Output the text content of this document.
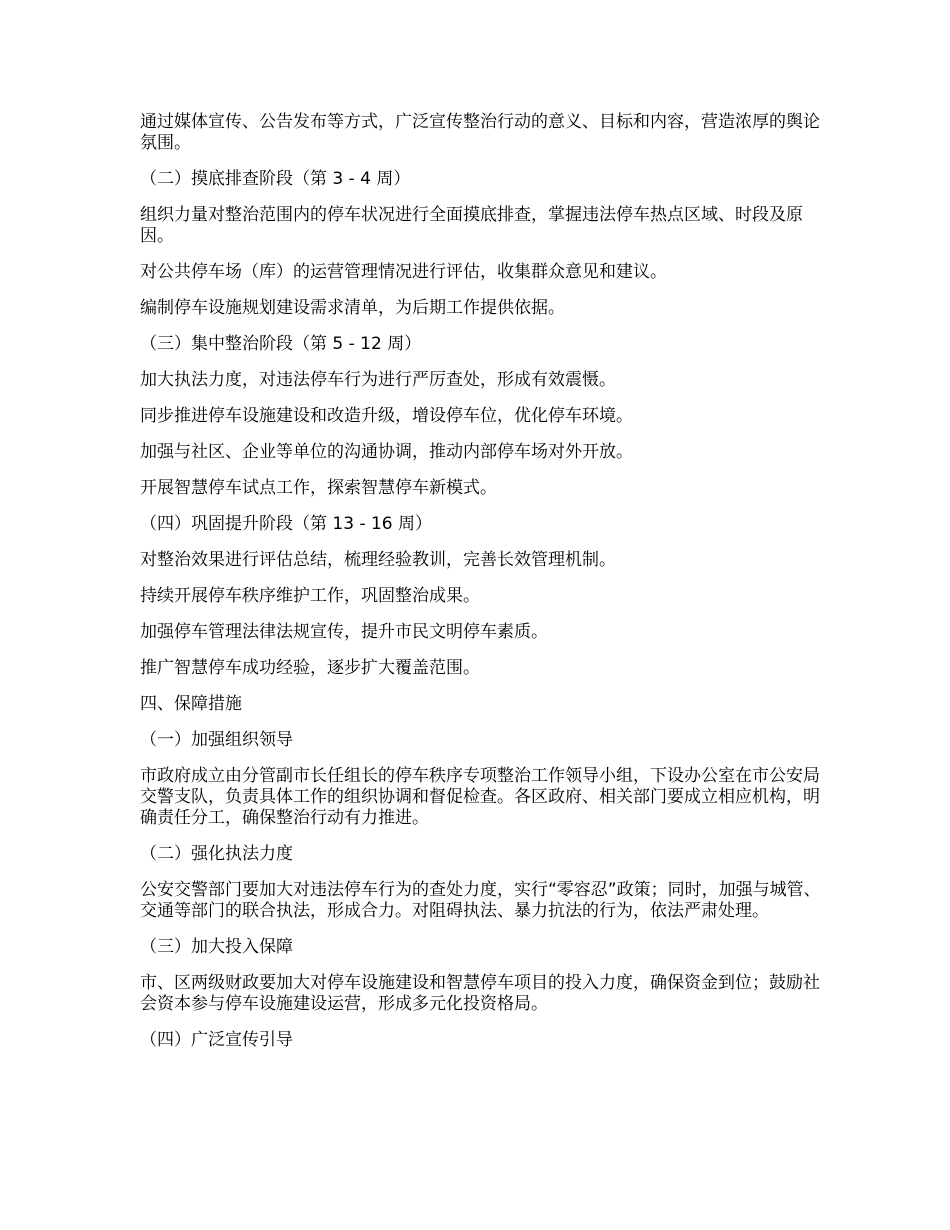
通过媒体宣传、公告发布等方式，广泛宣传整治行动的意义、目标和内容，营造浓厚的舆论氛围。

（二）摸底排查阶段（第 3 - 4 周）

组织力量对整治范围内的停车状况进行全面摸底排查，掌握违法停车热点区域、时段及原因。

对公共停车场（库）的运营管理情况进行评估，收集群众意见和建议。

编制停车设施规划建设需求清单，为后期工作提供依据。

（三）集中整治阶段（第 5 - 12 周）

加大执法力度，对违法停车行为进行严厉查处，形成有效震慑。

同步推进停车设施建设和改造升级，增设停车位，优化停车环境。

加强与社区、企业等单位的沟通协调，推动内部停车场对外开放。

开展智慧停车试点工作，探索智慧停车新模式。

（四）巩固提升阶段（第 13 - 16 周）

对整治效果进行评估总结，梳理经验教训，完善长效管理机制。

持续开展停车秩序维护工作，巩固整治成果。

加强停车管理法律法规宣传，提升市民文明停车素质。

推广智慧停车成功经验，逐步扩大覆盖范围。

四、保障措施

（一）加强组织领导

市政府成立由分管副市长任组长的停车秩序专项整治工作领导小组，下设办公室在市公安局交警支队，负责具体工作的组织协调和督促检查。各区政府、相关部门要成立相应机构，明确责任分工，确保整治行动有力推进。

（二）强化执法力度

公安交警部门要加大对违法停车行为的查处力度，实行“零容忍”政策；同时，加强与城管、交通等部门的联合执法，形成合力。对阻碍执法、暴力抗法的行为，依法严肃处理。

（三）加大投入保障

市、区两级财政要加大对停车设施建设和智慧停车项目的投入力度，确保资金到位；鼓励社会资本参与停车设施建设运营，形成多元化投资格局。

（四）广泛宣传引导
